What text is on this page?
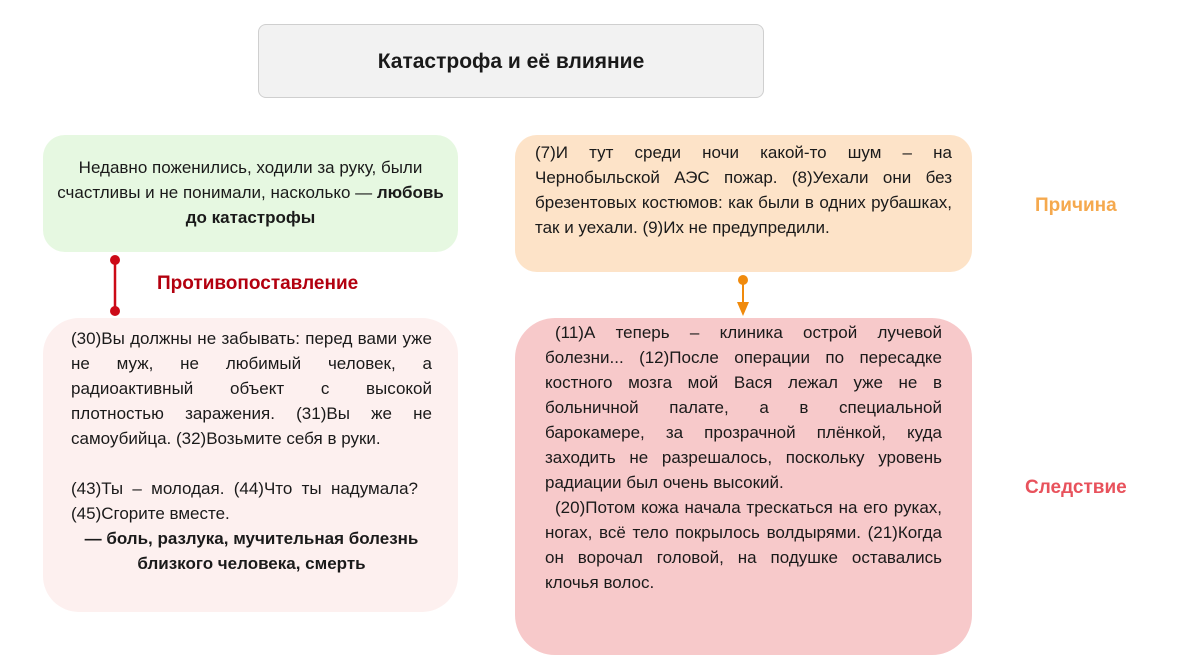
Катастрофа и её влияние
Недавно поженились, ходили за руку, были счастливы и не понимали, насколько — любовь до катастрофы
Противопоставление

(30)Вы должны не забывать: перед вами уже не муж, не любимый человек, а радиоактивный объект с высокой плотностью заражения. (31)Вы же не самоубийца. (32)Возьмите себя в руки.

(43)Ты – молодая. (44)Что ты надумала? (45)Сгорите вместе.

— боль, разлука, мучительная болезнь близкого человека, смерть

(7)И тут среди ночи какой-то шум – на Чернобыльской АЭС пожар. (8)Уехали они без брезентовых костюмов: как были в одних рубашках, так и уехали. (9)Их не предупредили.

Причина

(11)А теперь – клиника острой лучевой болезни... (12)После операции по пересадке костного мозга мой Вася лежал уже не в больничной палате, а в специальной барокамере, за прозрачной плёнкой, куда заходить не разрешалось, поскольку уровень радиации был очень высокий.

(20)Потом кожа начала трескаться на его руках, ногах, всё тело покрылось волдырями. (21)Когда он ворочал головой, на подушке оставались клочья волос.

Следствие
